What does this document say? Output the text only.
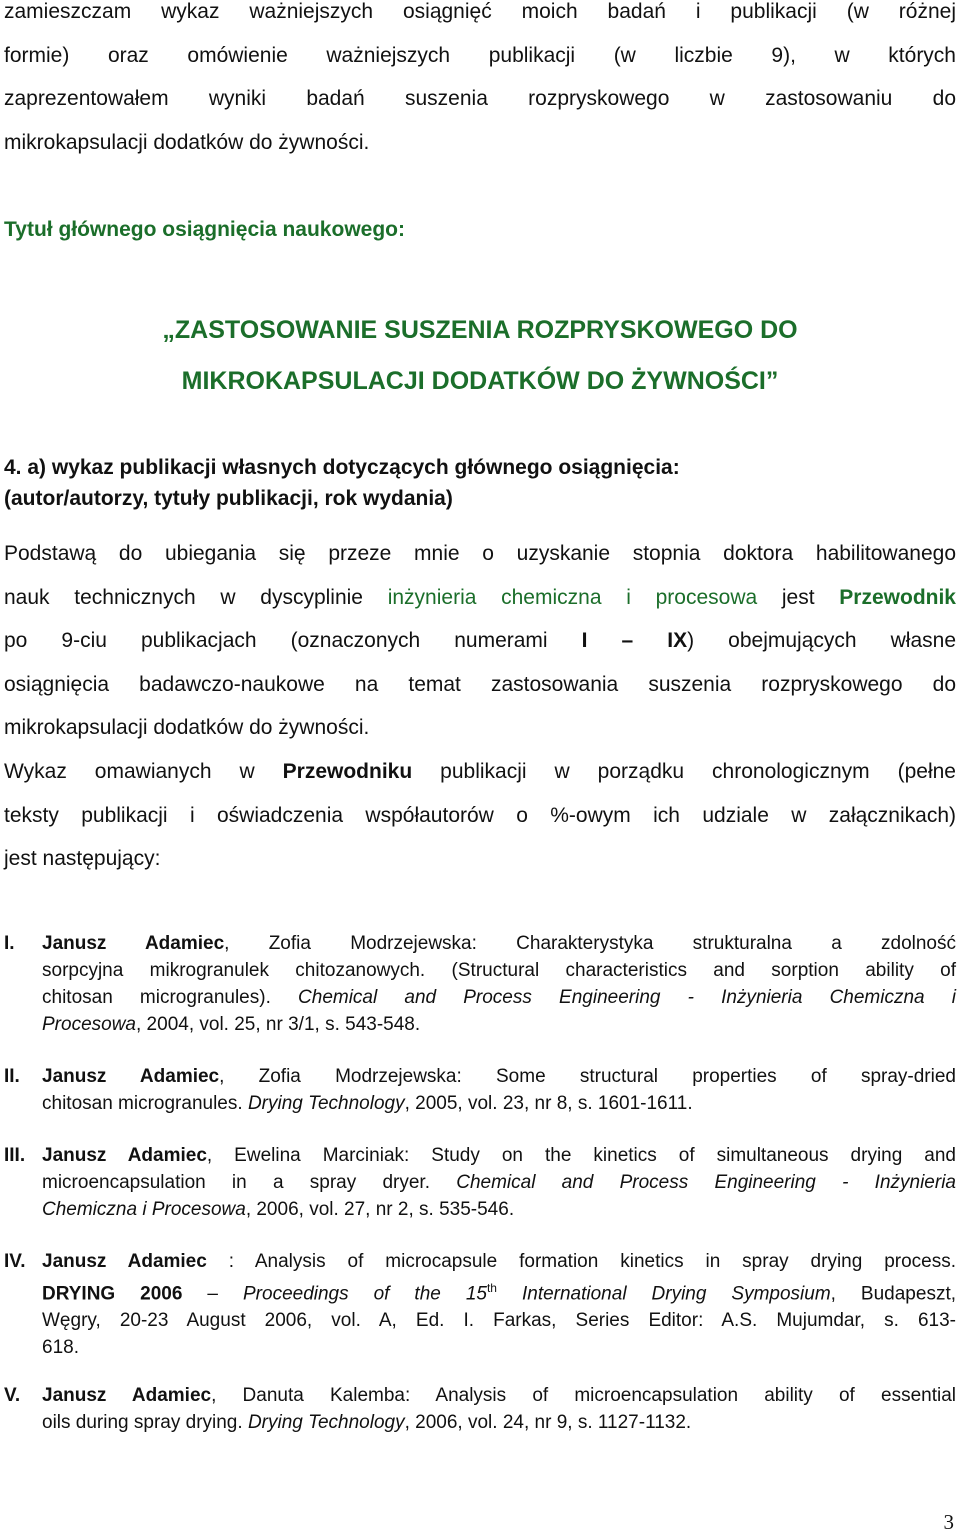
zamieszczam wykaz ważniejszych osiągnięć moich badań i publikacji (w różnej
formie) oraz omówienie ważniejszych publikacji (w liczbie 9), w których
zaprezentowałem wyniki badań suszenia rozpryskowego w zastosowaniu do
mikrokapsulacji dodatków do żywności.
Tytuł głównego osiągnięcia naukowego:
„ZASTOSOWANIE SUSZENIA ROZPRYSKOWEGO DO
MIKROKAPSULACJI DODATKÓW DO ŻYWNOŚCI”
4. a) wykaz publikacji własnych dotyczących głównego osiągnięcia:
(autor/autorzy, tytuły publikacji, rok wydania)
Podstawą do ubiegania się przeze mnie o uzyskanie stopnia doktora habilitowanego
nauk technicznych w dyscyplinie inżynieria chemiczna i procesowa jest Przewodnik
po 9-ciu publikacjach (oznaczonych numerami I – IX) obejmujących własne
osiągnięcia badawczo-naukowe na temat zastosowania suszenia rozpryskowego do
mikrokapsulacji dodatków do żywności.
Wykaz omawianych w Przewodniku publikacji w porządku chronologicznym (pełne
teksty publikacji i oświadczenia współautorów o %-owym ich udziale w załącznikach)
jest następujący:
I. Janusz Adamiec, Zofia Modrzejewska: Charakterystyka strukturalna a zdolność
sorpcyjna mikrogranulek chitozanowych. (Structural characteristics and sorption ability of
chitosan microgranules). Chemical and Process Engineering - Inżynieria Chemiczna i
Procesowa, 2004, vol. 25, nr 3/1, s. 543-548.
II. Janusz Adamiec, Zofia Modrzejewska: Some structural properties of spray-dried
chitosan microgranules. Drying Technology, 2005, vol. 23, nr 8, s. 1601-1611.
III. Janusz Adamiec, Ewelina Marciniak: Study on the kinetics of simultaneous drying and
microencapsulation in a spray dryer. Chemical and Process Engineering - Inżynieria
Chemiczna i Procesowa, 2006, vol. 27, nr 2, s. 535-546.
IV. Janusz Adamiec : Analysis of microcapsule formation kinetics in spray drying process.
DRYING 2006 – Proceedings of the 15th International Drying Symposium, Budapeszt,
Węgry, 20-23 August 2006, vol. A, Ed. I. Farkas, Series Editor: A.S. Mujumdar, s. 613-
618.
V. Janusz Adamiec, Danuta Kalemba: Analysis of microencapsulation ability of essential
oils during spray drying. Drying Technology, 2006, vol. 24, nr 9, s. 1127-1132.
3
